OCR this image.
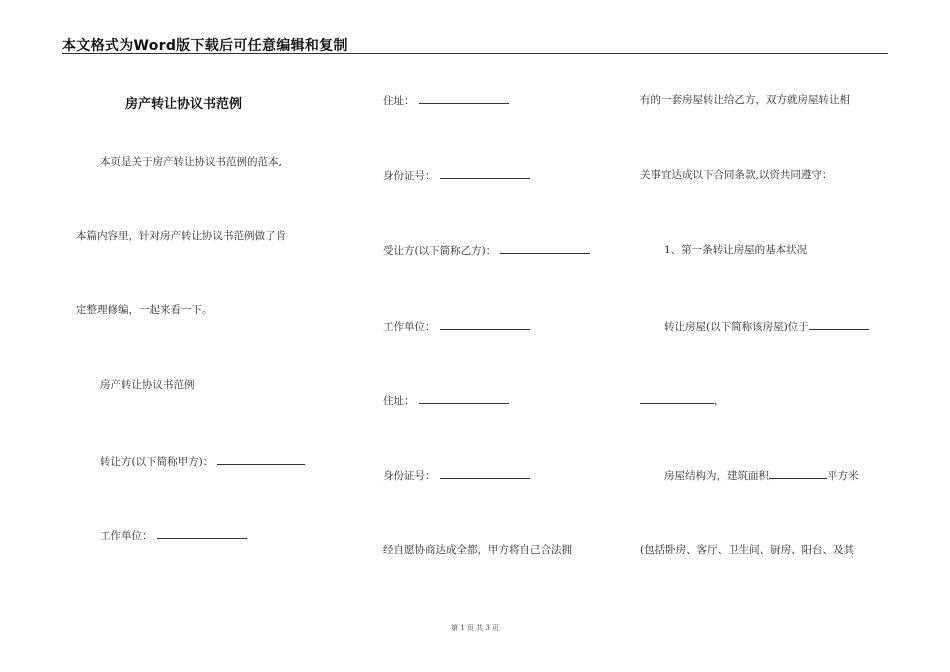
本文格式为Word版下载后可任意编辑和复制
房产转让协议书范例
本页是关于房产转让协议书范例的范本,
本篇内容里，针对房产转让协议书范例做了肯
定整理修编，一起来看一下。
房产转让协议书范例
转让方(以下简称甲方)：
工作单位：
住址：
身份证号：
受让方(以下简称乙方)：
工作单位：
住址：
身份证号：
经自愿协商达成全都，甲方将自己合法拥
有的一套房屋转让给乙方，双方就房屋转让相
关事宜达成以下合同条款,以资共同遵守：
1、第一条转让房屋的基本状况
转让房屋(以下简称该房屋)位于
，
房屋结构为，建筑面积	平方米
(包括卧房、客厅、卫生间、厨房、阳台、及其
第 1 页 共 3 页
